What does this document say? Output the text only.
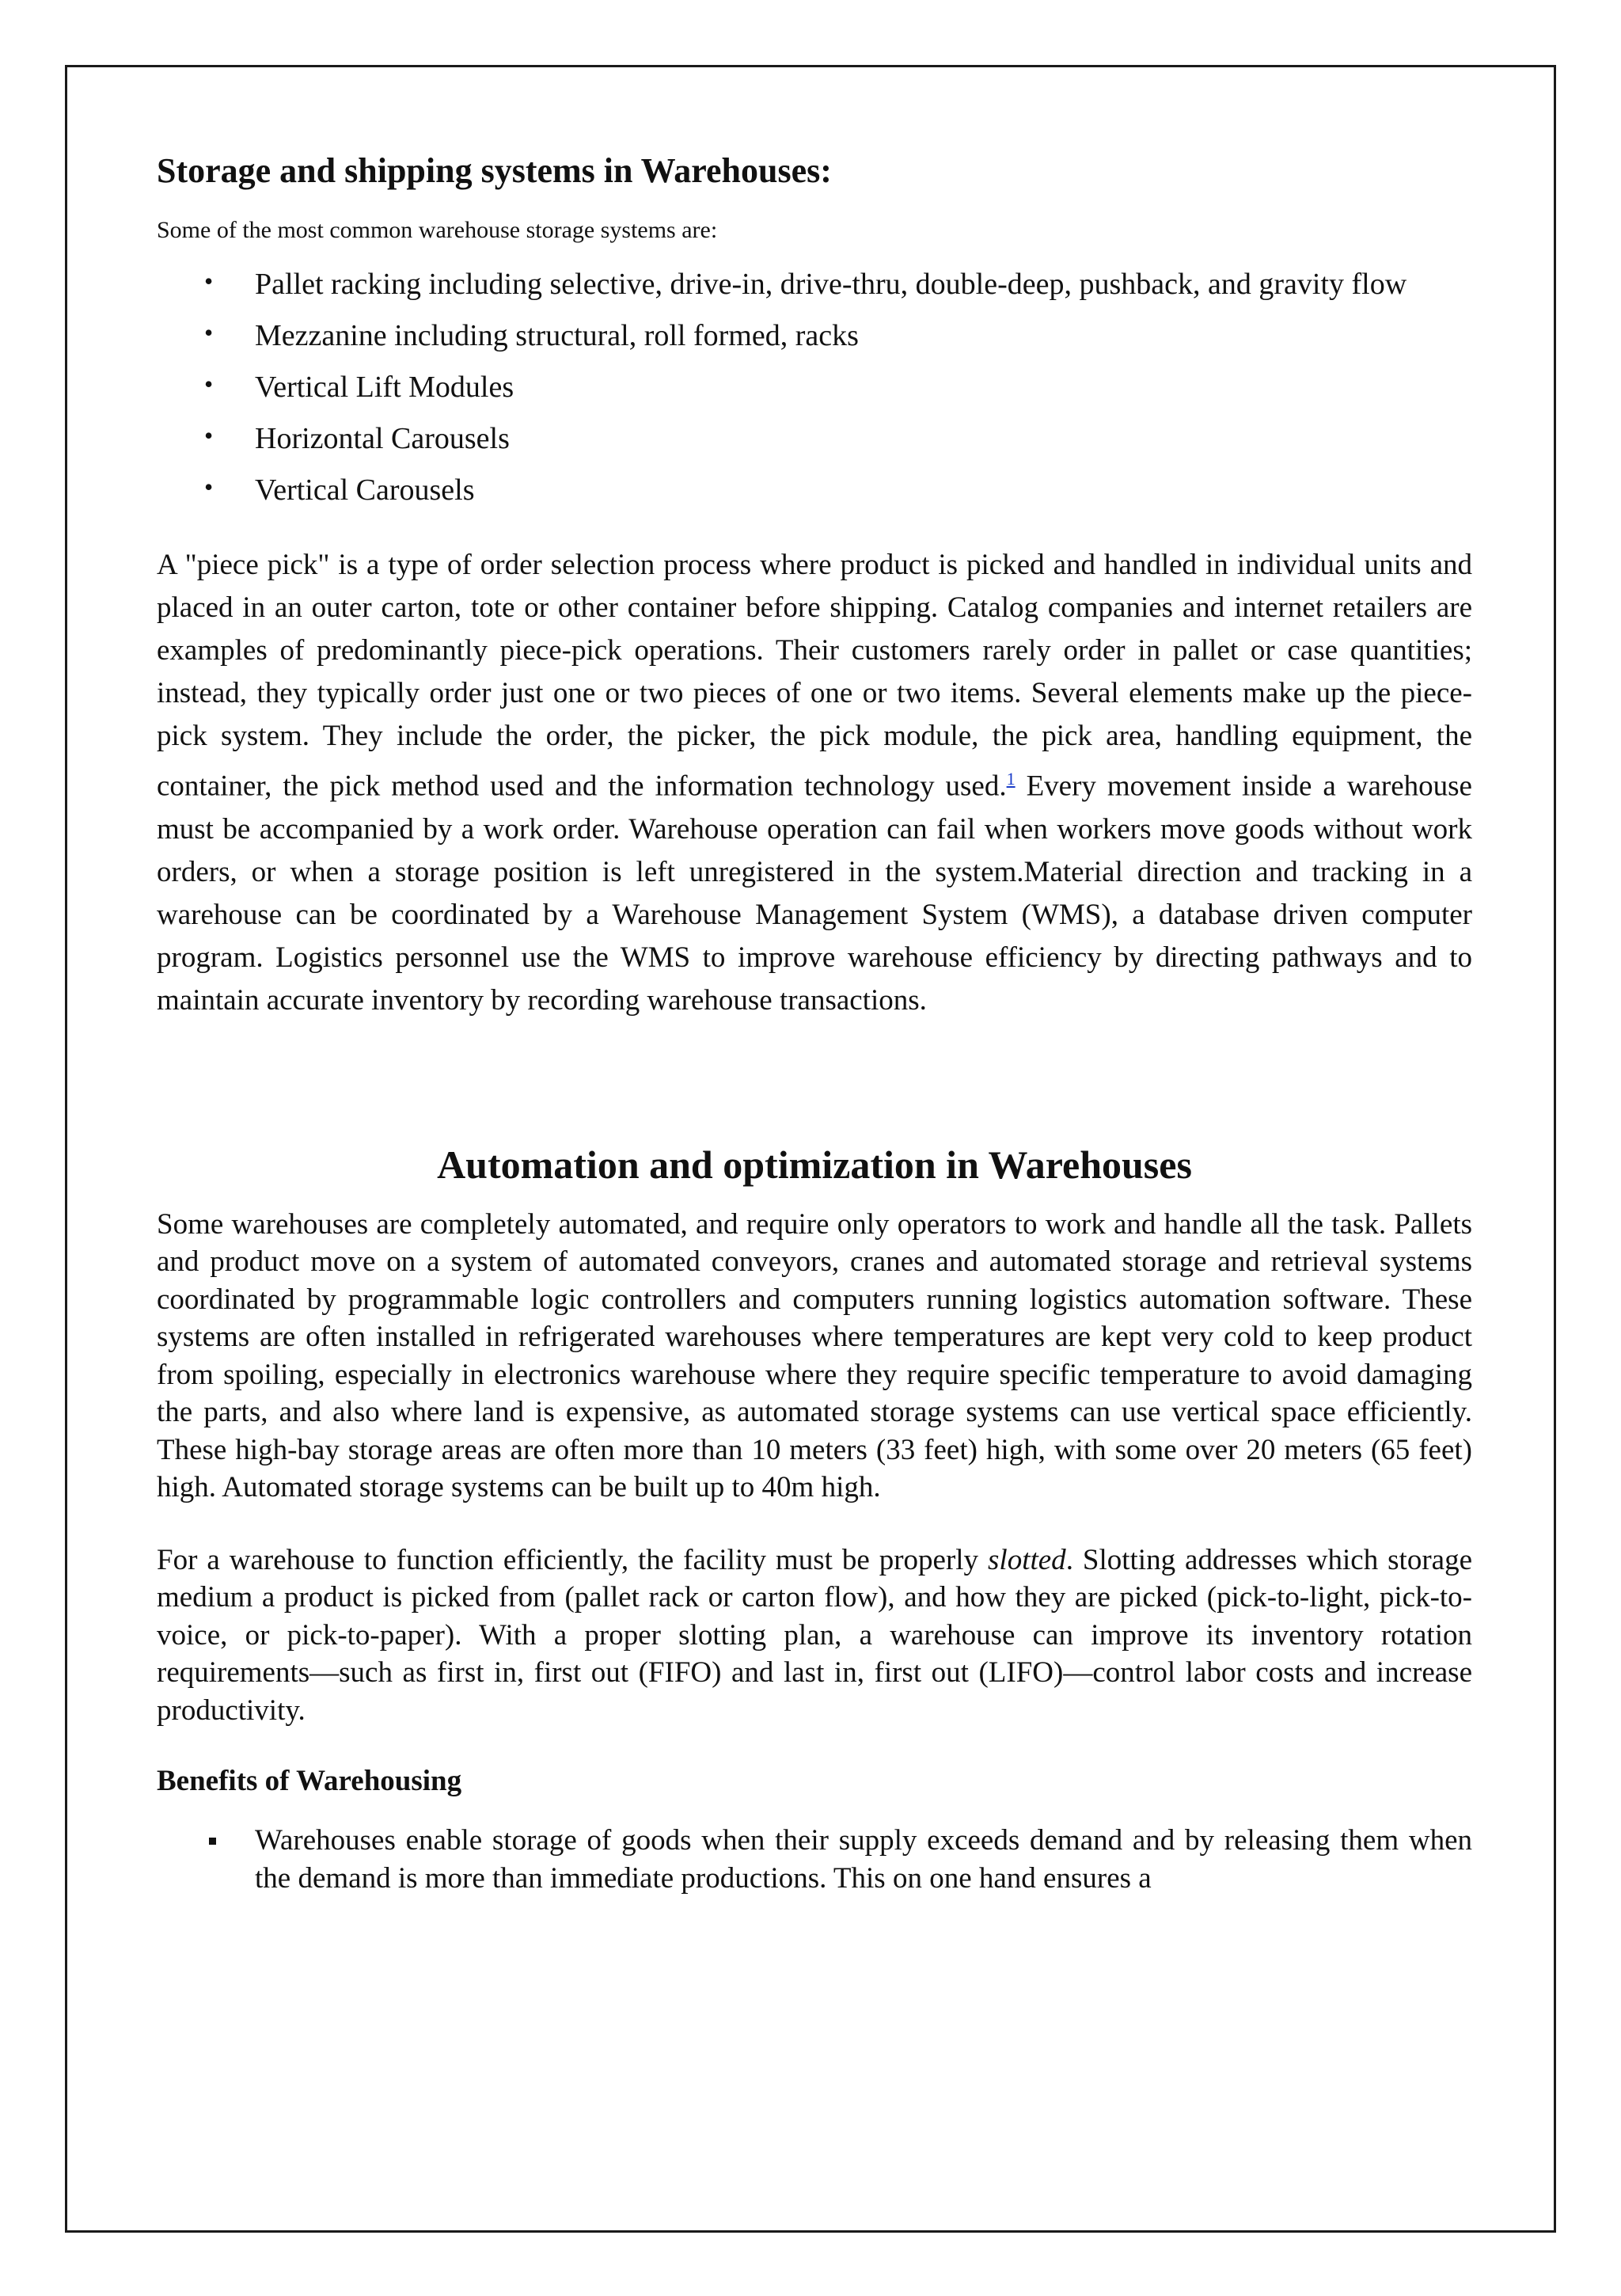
Storage and shipping systems in Warehouses:

Some of the most common warehouse storage systems are:

• Pallet racking including selective, drive-in, drive-thru, double-deep, pushback, and gravity flow
• Mezzanine including structural, roll formed, racks
• Vertical Lift Modules
• Horizontal Carousels
• Vertical Carousels

A "piece pick" is a type of order selection process where product is picked and handled in individual units and placed in an outer carton, tote or other container before shipping. Catalog companies and internet retailers are examples of predominantly piece-pick operations. Their customers rarely order in pallet or case quantities; instead, they typically order just one or two pieces of one or two items. Several elements make up the piece-pick system. They include the order, the picker, the pick module, the pick area, handling equipment, the container, the pick method used and the information technology used.$^1$ Every movement inside a warehouse must be accompanied by a work order. Warehouse operation can fail when workers move goods without work orders, or when a storage position is left unregistered in the system.Material direction and tracking in a warehouse can be coordinated by a Warehouse Management System (WMS), a database driven computer program. Logistics personnel use the WMS to improve warehouse efficiency by directing pathways and to maintain accurate inventory by recording warehouse transactions.

Automation and optimization in Warehouses

Some warehouses are completely automated, and require only operators to work and handle all the task. Pallets and product move on a system of automated conveyors, cranes and automated storage and retrieval systems coordinated by programmable logic controllers and computers running logistics automation software. These systems are often installed in refrigerated warehouses where temperatures are kept very cold to keep product from spoiling, especially in electronics warehouse where they require specific temperature to avoid damaging the parts, and also where land is expensive, as automated storage systems can use vertical space efficiently. These high-bay storage areas are often more than 10 meters (33 feet) high, with some over 20 meters (65 feet) high. Automated storage systems can be built up to 40m high.

For a warehouse to function efficiently, the facility must be properly slotted. Slotting addresses which storage medium a product is picked from (pallet rack or carton flow), and how they are picked (pick-to-light, pick-to-voice, or pick-to-paper). With a proper slotting plan, a warehouse can improve its inventory rotation requirements—such as first in, first out (FIFO) and last in, first out (LIFO)—control labor costs and increase productivity.

Benefits of Warehousing
Warehouses enable storage of goods when their supply exceeds demand and by releasing them when the demand is more than immediate productions. This on one hand ensures a
